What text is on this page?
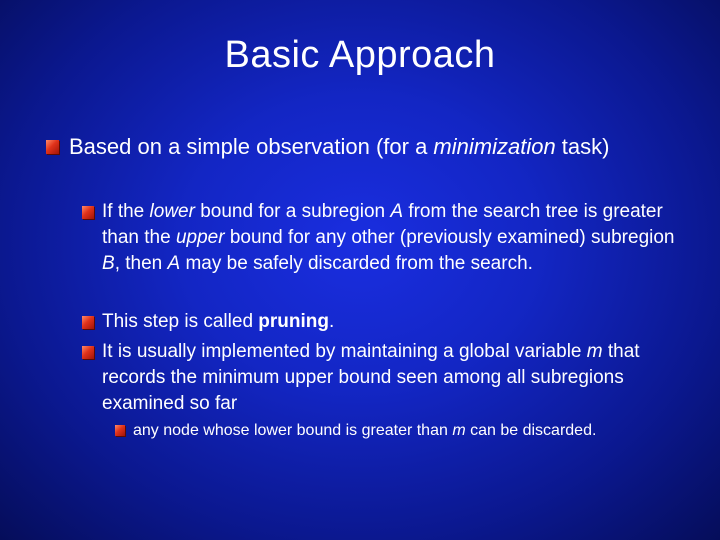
Basic Approach
Based on a simple observation (for a minimization task)
If the lower bound for a subregion A from the search tree is greater than the upper bound for any other (previously examined) subregion B, then A may be safely discarded from the search.
This step is called pruning.
It is usually implemented by maintaining a global variable m that records the minimum upper bound seen among all subregions examined so far
any node whose lower bound is greater than m can be discarded.
